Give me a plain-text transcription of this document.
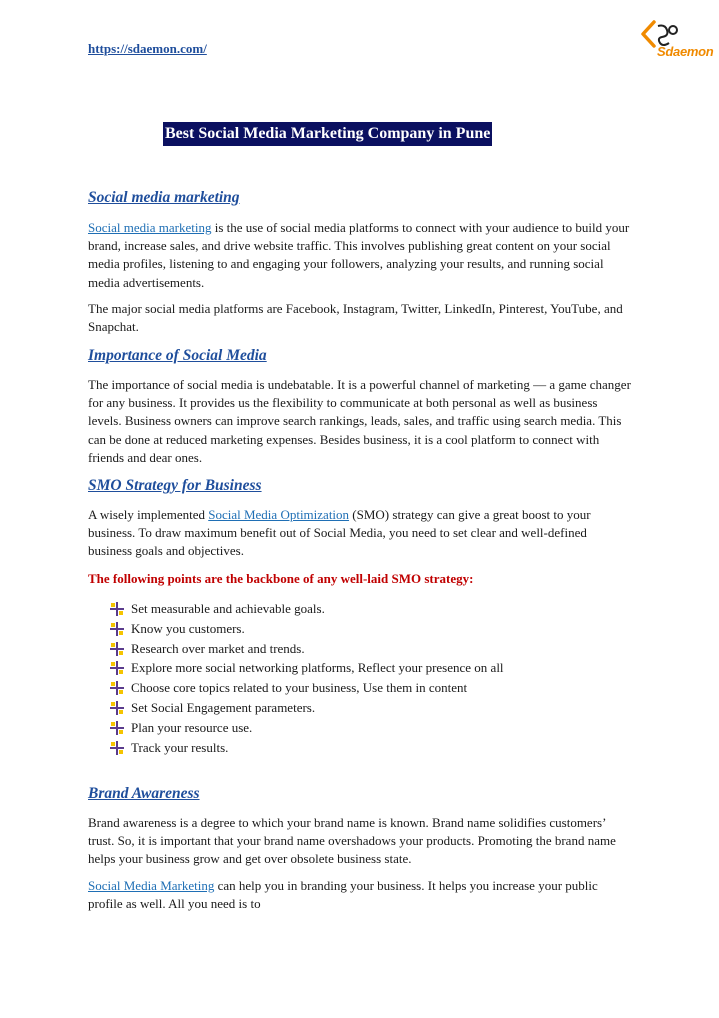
https://sdaemon.com/	Sdaemon
Best Social Media Marketing Company in Pune
Social media marketing

Social media marketing is the use of social media platforms to connect with your audience to build your brand, increase sales, and drive website traffic. This involves publishing great content on your social media profiles, listening to and engaging your followers, analyzing your results, and running social media advertisements.

The major social media platforms are Facebook, Instagram, Twitter, LinkedIn, Pinterest, YouTube, and Snapchat.

Importance of Social Media

The importance of social media is undebatable. It is a powerful channel of marketing — a game changer for any business. It provides us the flexibility to communicate at both personal as well as business levels. Business owners can improve search rankings, leads, sales, and traffic using search media. This can be done at reduced marketing expenses. Besides business, it is a cool platform to connect with friends and dear ones.

SMO Strategy for Business

A wisely implemented Social Media Optimization (SMO) strategy can give a great boost to your business. To draw maximum benefit out of Social Media, you need to set clear and well-defined business goals and objectives.

The following points are the backbone of any well-laid SMO strategy:
Set measurable and achievable goals.
Know you customers.
Research over market and trends.
Explore more social networking platforms, Reflect your presence on all
Choose core topics related to your business, Use them in content
Set Social Engagement parameters.
Plan your resource use.
Track your results.
Brand Awareness

Brand awareness is a degree to which your brand name is known. Brand name solidifies customers’ trust. So, it is important that your brand name overshadows your products. Promoting the brand name helps your business grow and get over obsolete business state.

Social Media Marketing can help you in branding your business. It helps you increase your public profile as well. All you need is to
